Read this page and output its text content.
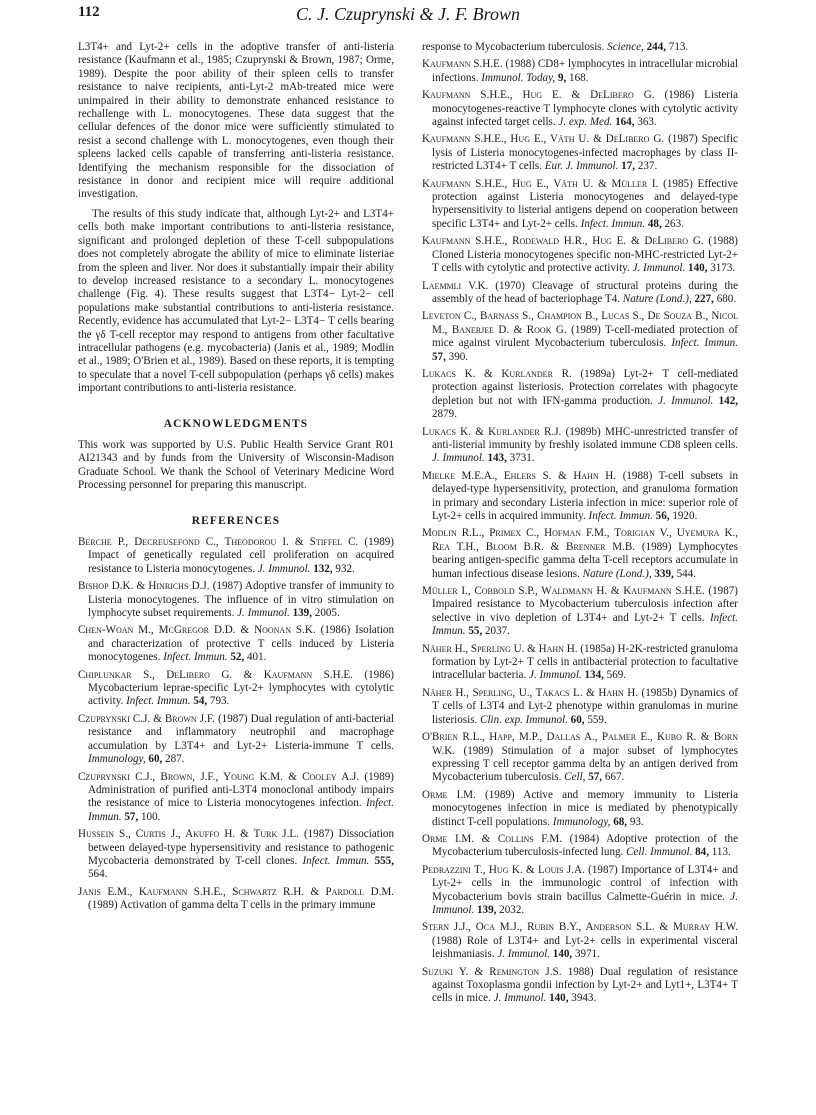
112	C. J. Czuprynski & J. F. Brown

L3T4+ and Lyt-2+ cells in the adoptive transfer of anti-listeria resistance (Kaufmann et al., 1985; Czuprynski & Brown, 1987; Orme, 1989). Despite the poor ability of their spleen cells to transfer resistance to naive recipients, anti-Lyt-2 mAb-treated mice were unimpaired in their ability to demonstrate enhanced resistance to rechallenge with L. monocytogenes. These data suggest that the cellular defences of the donor mice were sufficiently stimulated to resist a second challenge with L. monocytogenes, even though their spleens lacked cells capable of transferring anti-listeria resistance. Identifying the mechanism responsible for the dissociation of resistance in donor and recipient mice will require additional investigation.

The results of this study indicate that, although Lyt-2+ and L3T4+ cells both make important contributions to anti-listeria resistance, significant and prolonged depletion of these T-cell subpopulations does not completely abrogate the ability of mice to eliminate listeriae from the spleen and liver. Nor does it substantially impair their ability to develop increased resistance to a secondary L. monocytogenes challenge (Fig. 4). These results suggest that L3T4− Lyt-2− cell populations make substantial contributions to anti-listeria resistance. Recently, evidence has accumulated that Lyt-2− L3T4− T cells bearing the γδ T-cell receptor may respond to antigens from other facultative intracellular pathogens (e.g. mycobacteria) (Janis et al., 1989; Modlin et al., 1989; O'Brien et al., 1989). Based on these reports, it is tempting to speculate that a novel T-cell subpopulation (perhaps γδ cells) makes important contributions to anti-listeria resistance.

ACKNOWLEDGMENTS

This work was supported by U.S. Public Health Service Grant R01 AI21343 and by funds from the University of Wisconsin-Madison Graduate School. We thank the School of Veterinary Medicine Word Processing personnel for preparing this manuscript.

REFERENCES

Berche P., Decreusefond C., Theodorou I. & Stiffel C. (1989) Impact of genetically regulated cell proliferation on acquired resistance to Listeria monocytogenes. J. Immunol. 132, 932.

Bishop D.K. & Hinrichs D.J. (1987) Adoptive transfer of immunity to Listeria monocytogenes. The influence of in vitro stimulation on lymphocyte subset requirements. J. Immunol. 139, 2005.

Chen-Woan M., McGregor D.D. & Noonan S.K. (1986) Isolation and characterization of protective T cells induced by Listeria monocytogenes. Infect. Immun. 52, 401.

Chiplunkar S., DeLibero G. & Kaufmann S.H.E. (1986) Mycobacterium leprae-specific Lyt-2+ lymphocytes with cytolytic activity. Infect. Immun. 54, 793.

Czuprynski C.J. & Brown J.F. (1987) Dual regulation of anti-bacterial resistance and inflammatory neutrophil and macrophage accumulation by L3T4+ and Lyt-2+ Listeria-immune T cells. Immunology, 60, 287.

Czuprynski C.J., Brown, J.F., Young K.M. & Cooley A.J. (1989) Administration of purified anti-L3T4 monoclonal antibody impairs the resistance of mice to Listeria monocytogenes infection. Infect. Immun. 57, 100.

Hussein S., Curtis J., Akuffo H. & Turk J.L. (1987) Dissociation between delayed-type hypersensitivity and resistance to pathogenic Mycobacteria demonstrated by T-cell clones. Infect. Immun. 555, 564.

Janis E.M., Kaufmann S.H.E., Schwartz R.H. & Pardoll D.M. (1989) Activation of gamma delta T cells in the primary immune

response to Mycobacterium tuberculosis. Science, 244, 713.

Kaufmann S.H.E. (1988) CD8+ lymphocytes in intracellular microbial infections. Immunol. Today, 9, 168.

Kaufmann S.H.E., Hug E. & DeLibero G. (1986) Listeria monocytogenes-reactive T lymphocyte clones with cytolytic activity against infected target cells. J. exp. Med. 164, 363.

Kaufmann S.H.E., Hug E., Väth U. & DeLibero G. (1987) Specific lysis of Listeria monocytogenes-infected macrophages by class II-restricted L3T4+ T cells. Eur. J. Immunol. 17, 237.

Kaufmann S.H.E., Hug E., Väth U. & Müller I. (1985) Effective protection against Listeria monocytogenes and delayed-type hypersensitivity to listerial antigens depend on cooperation between specific L3T4+ and Lyt-2+ cells. Infect. Immun. 48, 263.

Kaufmann S.H.E., Rodewald H.R., Hug E. & DeLibero G. (1988) Cloned Listeria monocytogenes specific non-MHC-restricted Lyt-2+ T cells with cytolytic and protective activity. J. Immunol. 140, 3173.

Laemmli V.K. (1970) Cleavage of structural proteins during the assembly of the head of bacteriophage T4. Nature (Lond.), 227, 680.

Leveton C., Barnass S., Champion B., Lucas S., De Souza B., Nicol M., Banerjee D. & Rook G. (1989) T-cell-mediated protection of mice against virulent Mycobacterium tuberculosis. Infect. Immun. 57, 390.

Lukacs K. & Kurlander R. (1989a) Lyt-2+ T cell-mediated protection against listeriosis. Protection correlates with phagocyte depletion but not with IFN-gamma production. J. Immunol. 142, 2879.

Lukacs K. & Kurlander R.J. (1989b) MHC-unrestricted transfer of anti-listerial immunity by freshly isolated immune CD8 spleen cells. J. Immunol. 143, 3731.

Mielke M.E.A., Ehlers S. & Hahn H. (1988) T-cell subsets in delayed-type hypersensitivity, protection, and granuloma formation in primary and secondary Listeria infection in mice: superior role of Lyt-2+ cells in acquired immunity. Infect. Immun. 56, 1920.

Modlin R.L., Primex C., Hofman F.M., Torigian V., Uyemura K., Rea T.H., Bloom B.R. & Brenner M.B. (1989) Lymphocytes bearing antigen-specific gamma delta T-cell receptors accumulate in human infectious disease lesions. Nature (Lond.), 339, 544.

Müller I., Cobbold S.P., Waldmann H. & Kaufmann S.H.E. (1987) Impaired resistance to Mycobacterium tuberculosis infection after selective in vivo depletion of L3T4+ and Lyt-2+ T cells. Infect. Immun. 55, 2037.

Näher H., Sperling U. & Hahn H. (1985a) H-2K-restricted granuloma formation by Lyt-2+ T cells in antibacterial protection to facultative intracellular bacteria. J. Immunol. 134, 569.

Näher H., Sperling, U., Takacs L. & Hahn H. (1985b) Dynamics of T cells of L3T4 and Lyt-2 phenotype within granulomas in murine listeriosis. Clin. exp. Immunol. 60, 559.

O'Brien R.L., Happ, M.P., Dallas A., Palmer E., Kubo R. & Born W.K. (1989) Stimulation of a major subset of lymphocytes expressing T cell receptor gamma delta by an antigen derived from Mycobacterium tuberculosis. Cell, 57, 667.

Orme I.M. (1989) Active and memory immunity to Listeria monocytogenes infection in mice is mediated by phenotypically distinct T-cell populations. Immunology, 68, 93.

Orme I.M. & Collins F.M. (1984) Adoptive protection of the Mycobacterium tuberculosis-infected lung. Cell. Immunol. 84, 113.

Pedrazzini T., Hug K. & Louis J.A. (1987) Importance of L3T4+ and Lyt-2+ cells in the immunologic control of infection with Mycobacterium bovis strain bacillus Calmette-Guérin in mice. J. Immunol. 139, 2032.

Stern J.J., Oca M.J., Rubin B.Y., Anderson S.L. & Murray H.W. (1988) Role of L3T4+ and Lyt-2+ cells in experimental visceral leishmaniasis. J. Immunol. 140, 3971.

Suzuki Y. & Remington J.S. 1988) Dual regulation of resistance against Toxoplasma gondii infection by Lyt-2+ and Lyt1+, L3T4+ T cells in mice. J. Immunol. 140, 3943.
